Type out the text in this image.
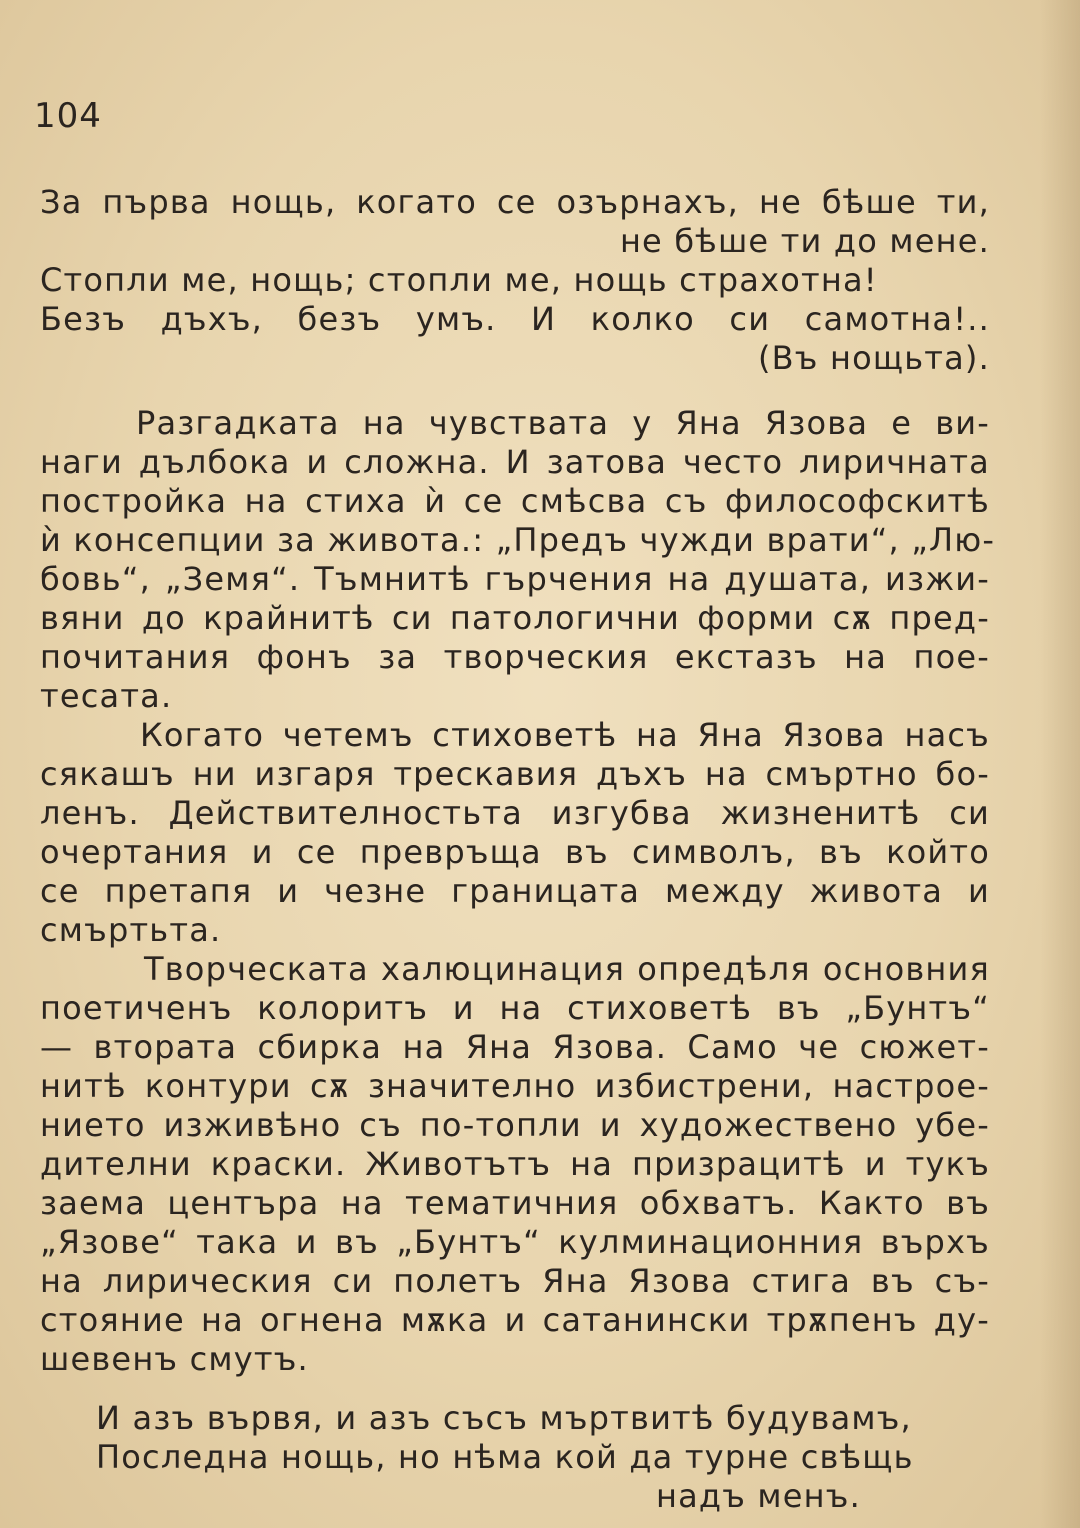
104
За първа нощь, когато се озърнахъ, не бѣше ти,
не бѣше ти до мене.
Стопли ме, нощь; стопли ме, нощь страхотна!
Безъ дъхъ, безъ умъ. И колко си самотна!..
(Въ нощьта).
Разгадката на чувствата у Яна Язова е ви-
наги дълбока и сложна. И затова често лиричната
постройка на стиха ѝ се смѣсва съ философскитѣ
ѝ консепции за живота.: „Предъ чужди врати“, „Лю-
бовь“, „Земя“. Тъмнитѣ гърчения на душата, изжи-
вяни до крайнитѣ си патологични форми сѫ пред-
почитания фонъ за творческия екстазъ на пое-
тесата.
Когато четемъ стиховетѣ на Яна Язова насъ
сякашъ ни изгаря трескавия дъхъ на смъртно бо-
ленъ. Действителностьта изгубва жизненитѣ си
очертания и се превръща въ символъ, въ който
се претапя и чезне границата между живота и
смъртьта.
Творческата халюцинация опредѣля основния
поетиченъ колоритъ и на стиховетѣ въ „Бунтъ“
— втората сбирка на Яна Язова. Само че сюжет-
нитѣ контури сѫ значително избистрени, настрое-
нието изживѣно съ по-топли и художествено убе-
дителни краски. Животътъ на призрацитѣ и тукъ
заема центъра на тематичния обхватъ. Както въ
„Язове“ така и въ „Бунтъ“ кулминационния върхъ
на лирическия си полетъ Яна Язова стига въ съ-
стояние на огнена мѫка и сатанински трѫпенъ ду-
шевенъ смутъ.
И азъ вървя, и азъ съсъ мъртвитѣ будувамъ,
Последна нощь, но нѣма кой да турне свѣщь
надъ менъ.
